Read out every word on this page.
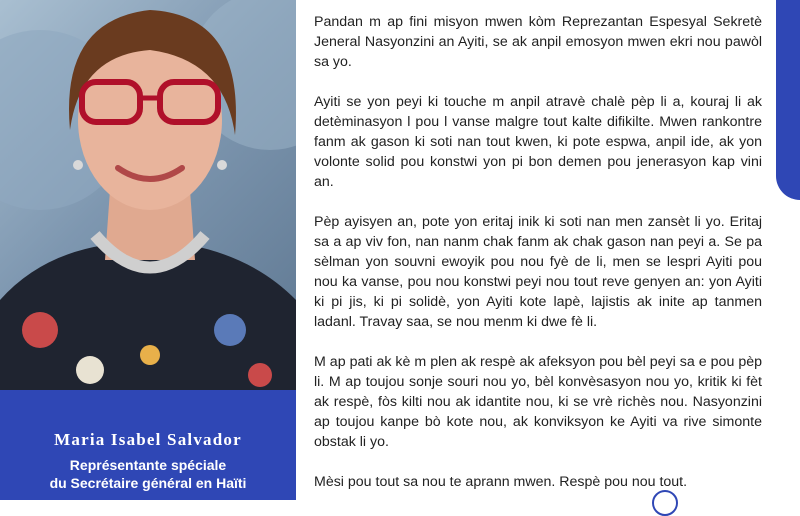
Maria Isabel Salvador
Représentante spéciale
du Secrétaire général en Haïti

Pandan m ap fini misyon mwen kòm Reprezantan Espesyal Sekretè Jeneral Nasyonzini an Ayiti, se ak anpil emosyon mwen ekri nou pawòl sa yo.

Ayiti se yon peyi ki touche m anpil atravè chalè pèp li a, kouraj li ak detèminasyon l pou l vanse malgre tout kalte difikilte. Mwen rankontre fanm ak gason ki soti nan tout kwen, ki pote espwa, anpil ide, ak yon volonte solid pou konstwi yon pi bon demen pou jenerasyon kap vini an.

Pèp ayisyen an, pote yon eritaj inik ki soti nan men zansèt li yo. Eritaj sa a ap viv fon, nan nanm chak fanm ak chak gason nan peyi a. Se pa sèlman yon souvni ewoyik pou nou fyè de li, men se lespri Ayiti pou nou ka vanse, pou nou konstwi peyi nou tout reve genyen an: yon Ayiti ki pi jis, ki pi solidè, yon Ayiti kote lapè, lajistis ak inite ap tanmen ladanl. Travay saa, se nou menm ki dwe fè li.

M ap pati ak kè m plen ak respè ak afeksyon pou bèl peyi sa e pou pèp li. M ap toujou sonje souri nou yo, bèl konvèsasyon nou yo, kritik ki fèt ak respè, fòs kilti nou ak idantite nou, ki se vrè richès nou. Nasyonzini ap toujou kanpe bò kote nou, ak konviksyon ke Ayiti va rive simonte obstak li yo.

Mèsi pou tout sa nou te aprann mwen. Respè pou nou tout.
